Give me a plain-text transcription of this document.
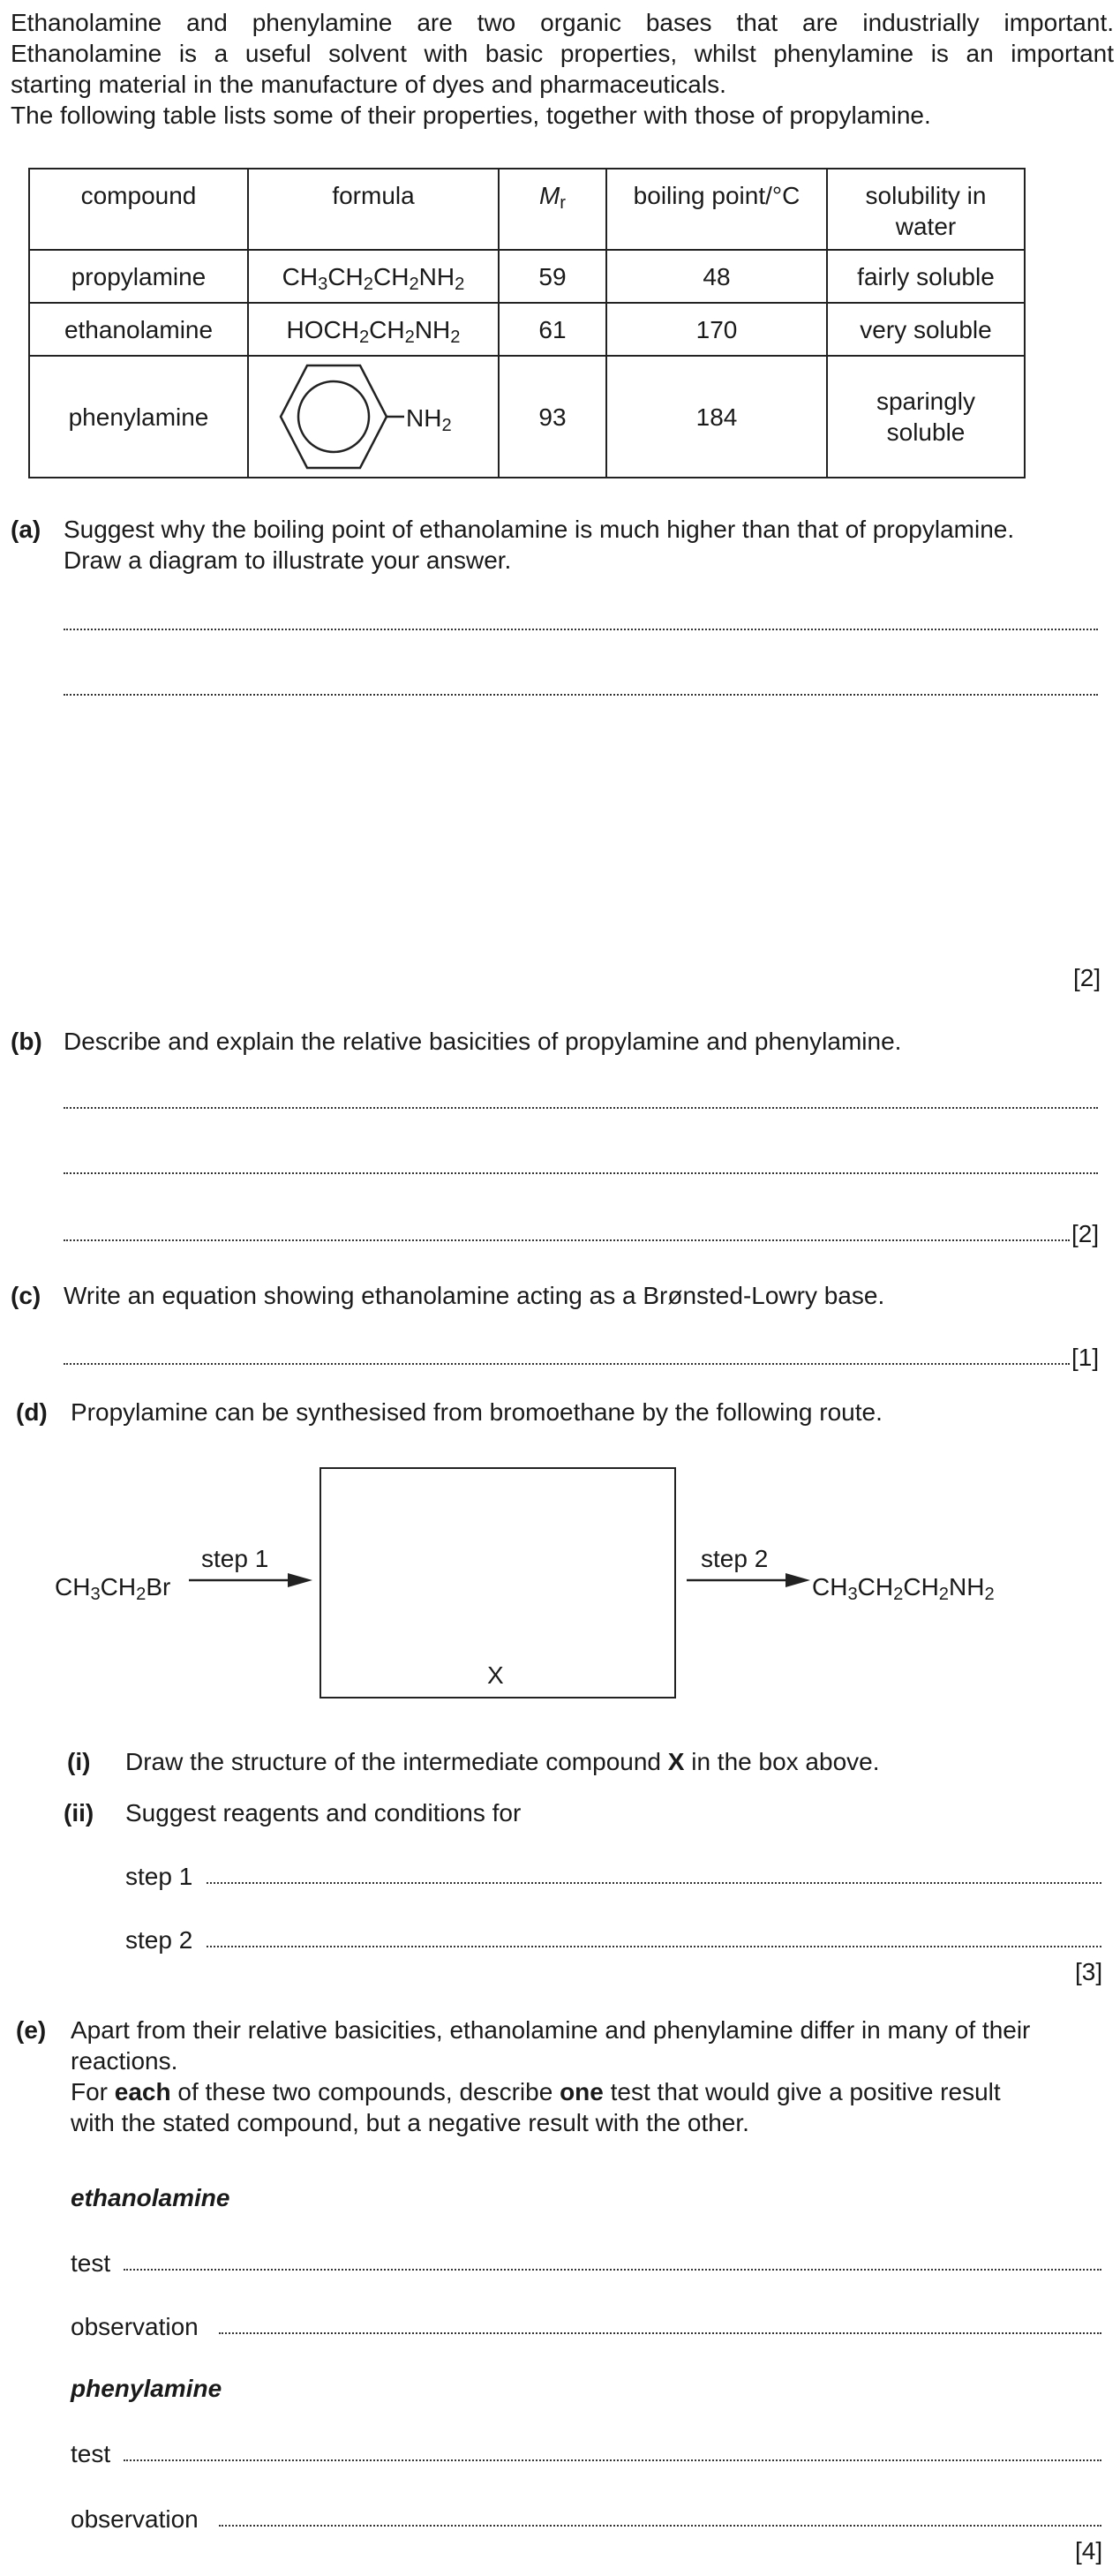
Ethanolamine and phenylamine are two organic bases that are industrially important.
Ethanolamine is a useful solvent with basic properties, whilst phenylamine is an important
starting material in the manufacture of dyes and pharmaceuticals.
The following table lists some of their properties, together with those of propylamine.
compound	formula	$M_r$	boiling point/°C	solubility in
water

propylamine	$CH_3CH_2CH_2NH_2$	59	48	fairly soluble
ethanolamine	$HOCH_2CH_2NH_2$	61	170	very soluble
phenylamine	$NH_2$	93	184	sparingly
soluble
(a) Suggest why the boiling point of ethanolamine is much higher than that of propylamine.
Draw a diagram to illustrate your answer.
[2]
(b) Describe and explain the relative basicities of propylamine and phenylamine.
[2]
(c) Write an equation showing ethanolamine acting as a Brønsted-Lowry base.
[1]
(d) Propylamine can be synthesised from bromoethane by the following route.
$CH_3CH_2Br$
step 1
X
step 2
$CH_3CH_2CH_2NH_2$
(i) Draw the structure of the intermediate compound X in the box above.
(ii) Suggest reagents and conditions for
step 1
step 2
[3]
(e) Apart from their relative basicities, ethanolamine and phenylamine differ in many of their
reactions.
For each of these two compounds, describe one test that would give a positive result
with the stated compound, but a negative result with the other.
ethanolamine
test
observation
phenylamine
test
observation
[4]
